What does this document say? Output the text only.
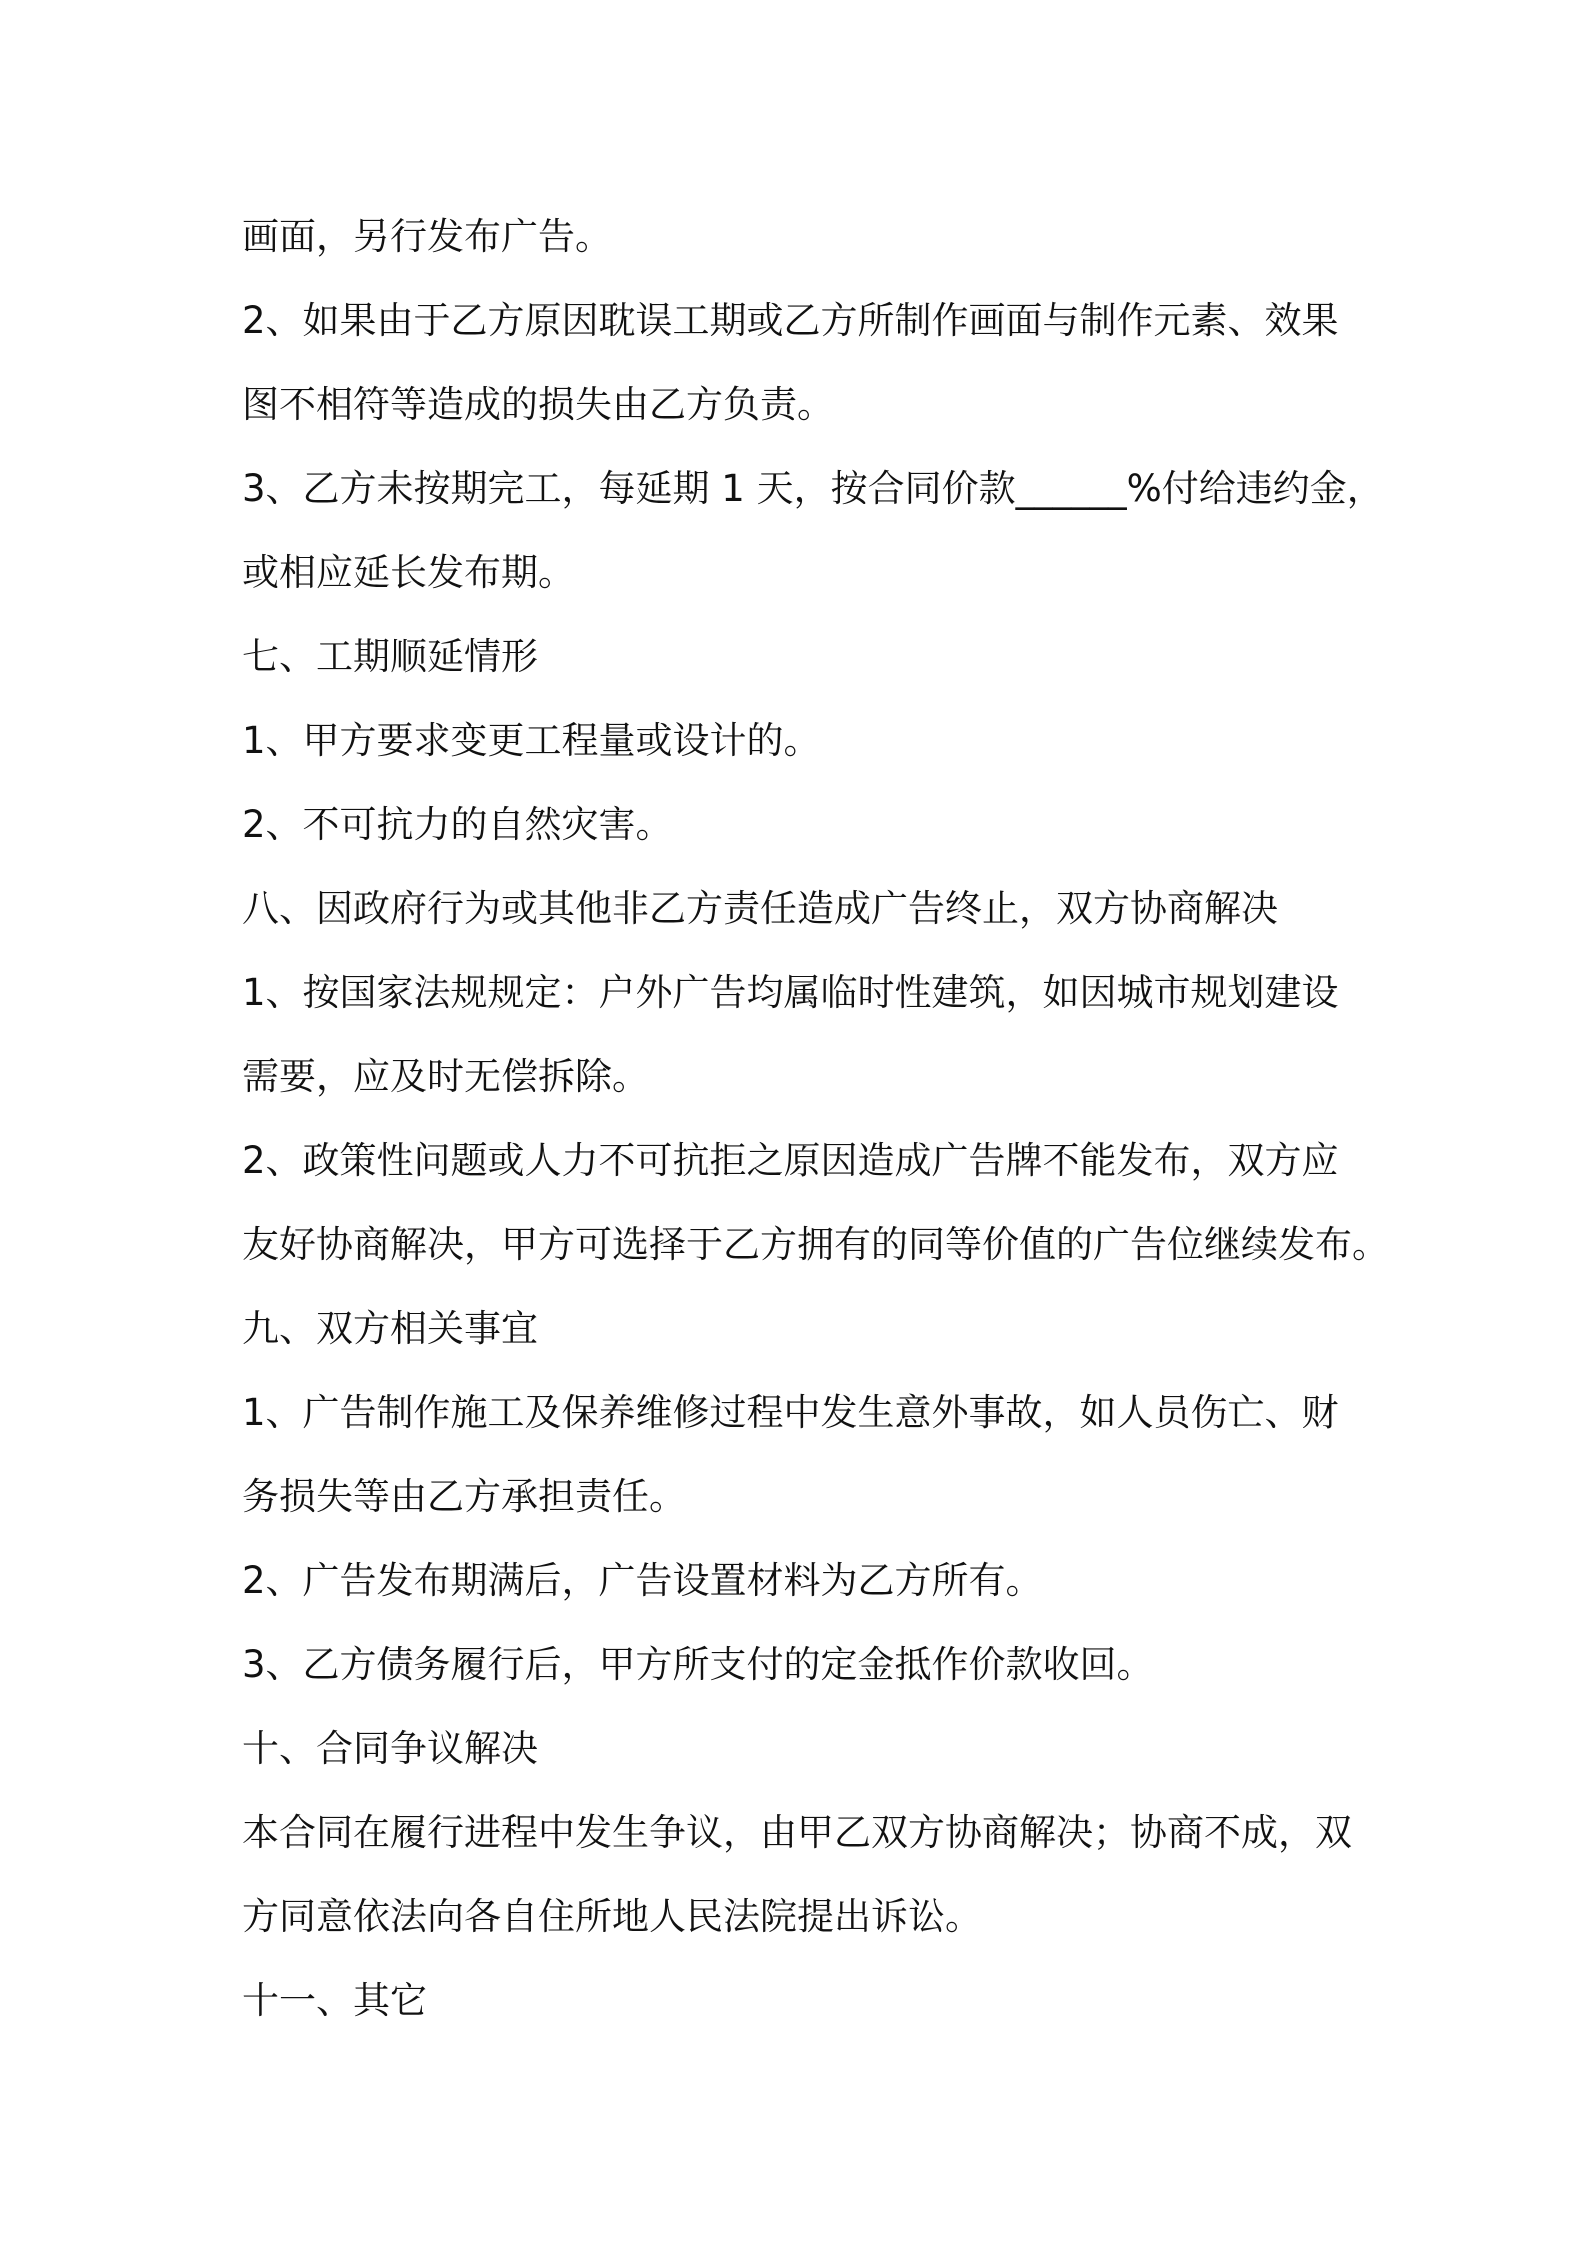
画面，另行发布广告。
2、如果由于乙方原因耽误工期或乙方所制作画面与制作元素、效果
图不相符等造成的损失由乙方负责。
3、乙方未按期完工，每延期 1 天，按合同价款______%付给违约金，
或相应延长发布期。
七、工期顺延情形
1、甲方要求变更工程量或设计的。
2、不可抗力的自然灾害。
八、因政府行为或其他非乙方责任造成广告终止，双方协商解决
1、按国家法规规定：户外广告均属临时性建筑，如因城市规划建设
需要，应及时无偿拆除。
2、政策性问题或人力不可抗拒之原因造成广告牌不能发布，双方应
友好协商解决，甲方可选择于乙方拥有的同等价值的广告位继续发布。
九、双方相关事宜
1、广告制作施工及保养维修过程中发生意外事故，如人员伤亡、财
务损失等由乙方承担责任。
2、广告发布期满后，广告设置材料为乙方所有。
3、乙方债务履行后，甲方所支付的定金抵作价款收回。
十、合同争议解决
本合同在履行进程中发生争议，由甲乙双方协商解决；协商不成，双
方同意依法向各自住所地人民法院提出诉讼。
十一、其它
